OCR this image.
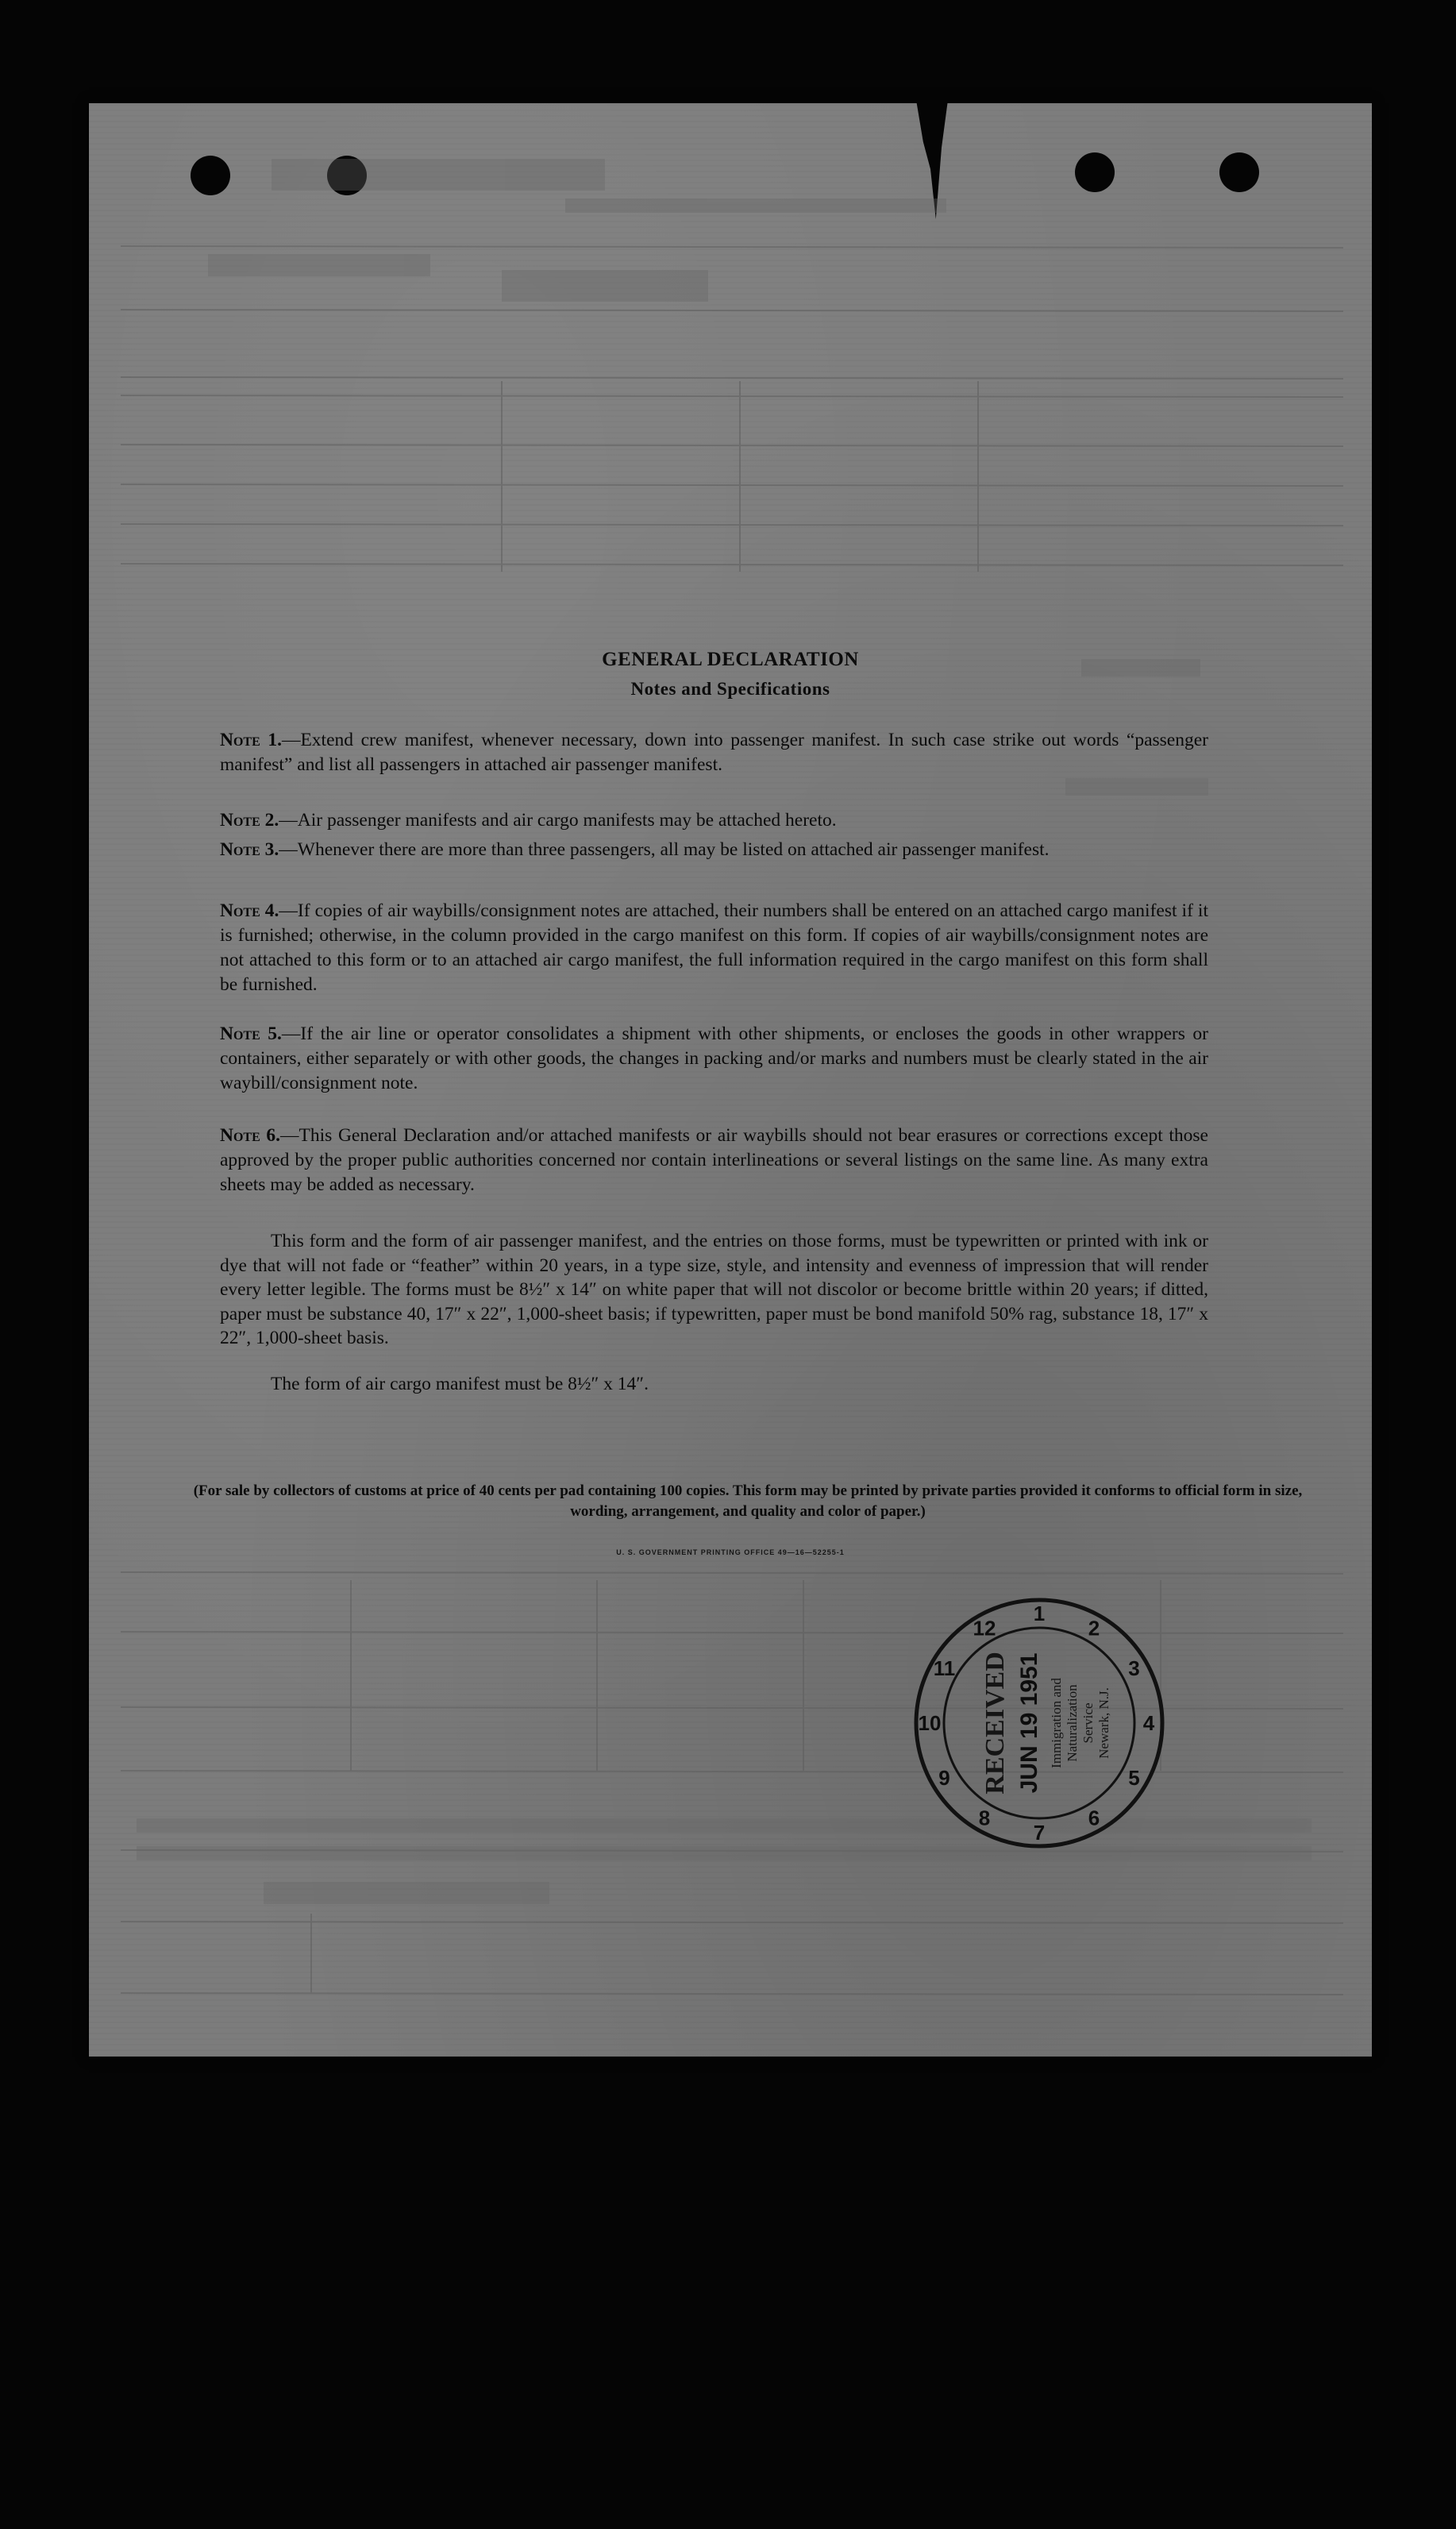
GENERAL DECLARATION
Notes and Specifications
Note 1.—Extend crew manifest, whenever necessary, down into passenger manifest. In such case strike out words “passenger manifest” and list all passengers in attached air passenger manifest.
Note 2.—Air passenger manifests and air cargo manifests may be attached hereto.
Note 3.—Whenever there are more than three passengers, all may be listed on attached air passenger manifest.
Note 4.—If copies of air waybills/consignment notes are attached, their numbers shall be entered on an attached cargo manifest if it is furnished; otherwise, in the column provided in the cargo manifest on this form. If copies of air waybills/consignment notes are not attached to this form or to an attached air cargo manifest, the full information required in the cargo manifest on this form shall be furnished.
Note 5.—If the air line or operator consolidates a shipment with other shipments, or encloses the goods in other wrappers or containers, either separately or with other goods, the changes in packing and/or marks and numbers must be clearly stated in the air waybill/consignment note.
Note 6.—This General Declaration and/or attached manifests or air waybills should not bear erasures or corrections except those approved by the proper public authorities concerned nor contain interlineations or several listings on the same line. As many extra sheets may be added as necessary.
This form and the form of air passenger manifest, and the entries on those forms, must be typewritten or printed with ink or dye that will not fade or “feather” within 20 years, in a type size, style, and intensity and evenness of impression that will render every letter legible. The forms must be 8½″ x 14″ on white paper that will not discolor or become brittle within 20 years; if ditted, paper must be substance 40, 17″ x 22″, 1,000-sheet basis; if typewritten, paper must be bond manifold 50% rag, substance 18, 17″ x 22″, 1,000-sheet basis.
The form of air cargo manifest must be 8½″ x 14″.
(For sale by collectors of customs at price of 40 cents per pad containing 100 copies. This form may be printed by private parties provided it conforms to official form in size, wording, arrangement, and quality and color of paper.)
U. S. GOVERNMENT PRINTING OFFICE 49—16—52255-1
1
2
3
4
5
6
7
8
9
10
11
12
RECEIVED JUN 19 1951 Immigration and Naturalization Service Newark, N.J.
